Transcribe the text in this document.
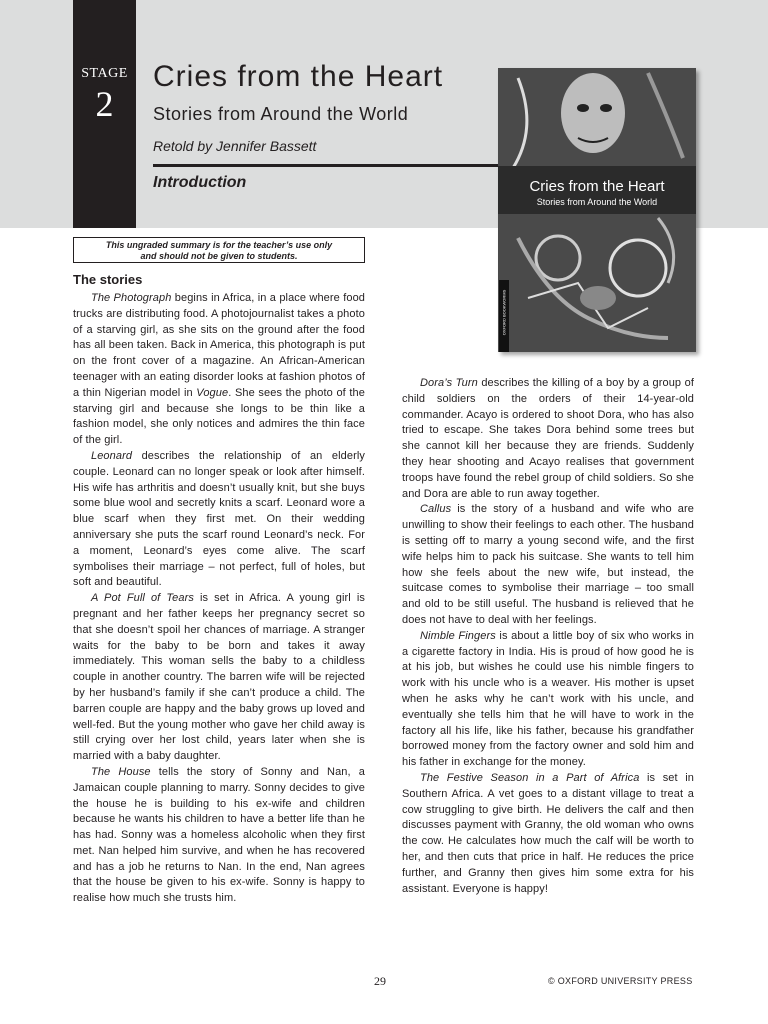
STAGE
2
Cries from the Heart
Stories from Around the World
Retold by Jennifer Bassett
Introduction	Cries from the Heart
Stories from Around the World
OXFORD BOOKWORMS
This ungraded summary is for the teacher’s use only
and should not be given to students.
The stories

The Photograph begins in Africa, in a place where food trucks are distributing food. A photojournalist takes a photo of a starving girl, as she sits on the ground after the food has all been taken. Back in America, this photograph is put on the front cover of a magazine. An African-American teenager with an eating disorder looks at fashion photos of a thin Nigerian model in Vogue. She sees the photo of the starving girl and because she longs to be thin like a fashion model, she only notices and admires the thin face of the girl.

Leonard describes the relationship of an elderly couple. Leonard can no longer speak or look after himself. His wife has arthritis and doesn’t usually knit, but she buys some blue wool and secretly knits a scarf. Leonard wore a blue scarf when they first met. On their wedding anniversary she puts the scarf round Leonard’s neck. For a moment, Leonard’s eyes come alive. The scarf symbolises their marriage – not perfect, full of holes, but soft and beautiful.

A Pot Full of Tears is set in Africa. A young girl is pregnant and her father keeps her pregnancy secret so that she doesn’t spoil her chances of marriage. A stranger waits for the baby to be born and takes it away immediately. This woman sells the baby to a childless couple in another country. The barren wife will be rejected by her husband’s family if she can’t produce a child. The barren couple are happy and the baby grows up loved and well-fed. But the young mother who gave her child away is still crying over her lost child, years later when she is married with a baby daughter.

The House tells the story of Sonny and Nan, a Jamaican couple planning to marry. Sonny decides to give the house he is building to his ex-wife and children because he wants his children to have a better life than he has had. Sonny was a homeless alcoholic when they first met. Nan helped him survive, and when he has recovered and has a job he returns to Nan. In the end, Nan agrees that the house be given to his ex-wife. Sonny is happy to realise how much she trusts him.

Dora’s Turn describes the killing of a boy by a group of child soldiers on the orders of their 14-year-old commander. Acayo is ordered to shoot Dora, who has also tried to escape. She takes Dora behind some trees but she cannot kill her because they are friends. Suddenly they hear shooting and Acayo realises that government troops have found the rebel group of child soldiers. So she and Dora are able to run away together.

Callus is the story of a husband and wife who are unwilling to show their feelings to each other. The husband is setting off to marry a young second wife, and the first wife helps him to pack his suitcase. She wants to tell him how she feels about the new wife, but instead, the suitcase comes to symbolise their marriage – too small and old to be still useful. The husband is relieved that he does not have to deal with her feelings.

Nimble Fingers is about a little boy of six who works in a cigarette factory in India. His is proud of how good he is at his job, but wishes he could use his nimble fingers to work with his uncle who is a weaver. His mother is upset when he asks why he can’t work with his uncle, and eventually she tells him that he will have to work in the factory all his life, like his father, because his grandfather borrowed money from the factory owner and sold him and his father in exchange for the money.

The Festive Season in a Part of Africa is set in Southern Africa. A vet goes to a distant village to treat a cow struggling to give birth. He delivers the calf and then discusses payment with Granny, the old woman who owns the cow. He calculates how much the calf will be worth to her, and then cuts that price in half. He reduces the price further, and Granny then gives him some extra for his assistant. Everyone is happy!

29	© OXFORD UNIVERSITY PRESS
